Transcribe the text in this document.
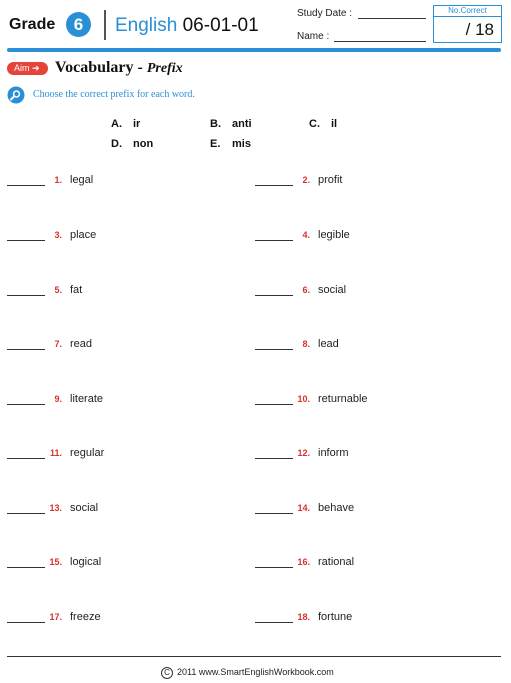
Grade	6	English 06-01-01
Study Date :
Name :
No.Correct
/ 18
Aim ➔ Vocabulary - Prefix
Choose the correct prefix for each word.
A. ir	B. anti	C. il
D. non	E. mis
1. legal	2. profit
3. place	4. legible
5. fat	6. social
7. read	8. lead
9. literate	10. returnable
11. regular	12. inform
13. social	14. behave
15. logical	16. rational
17. freeze	18. fortune
C 2011 www.SmartEnglishWorkbook.com
